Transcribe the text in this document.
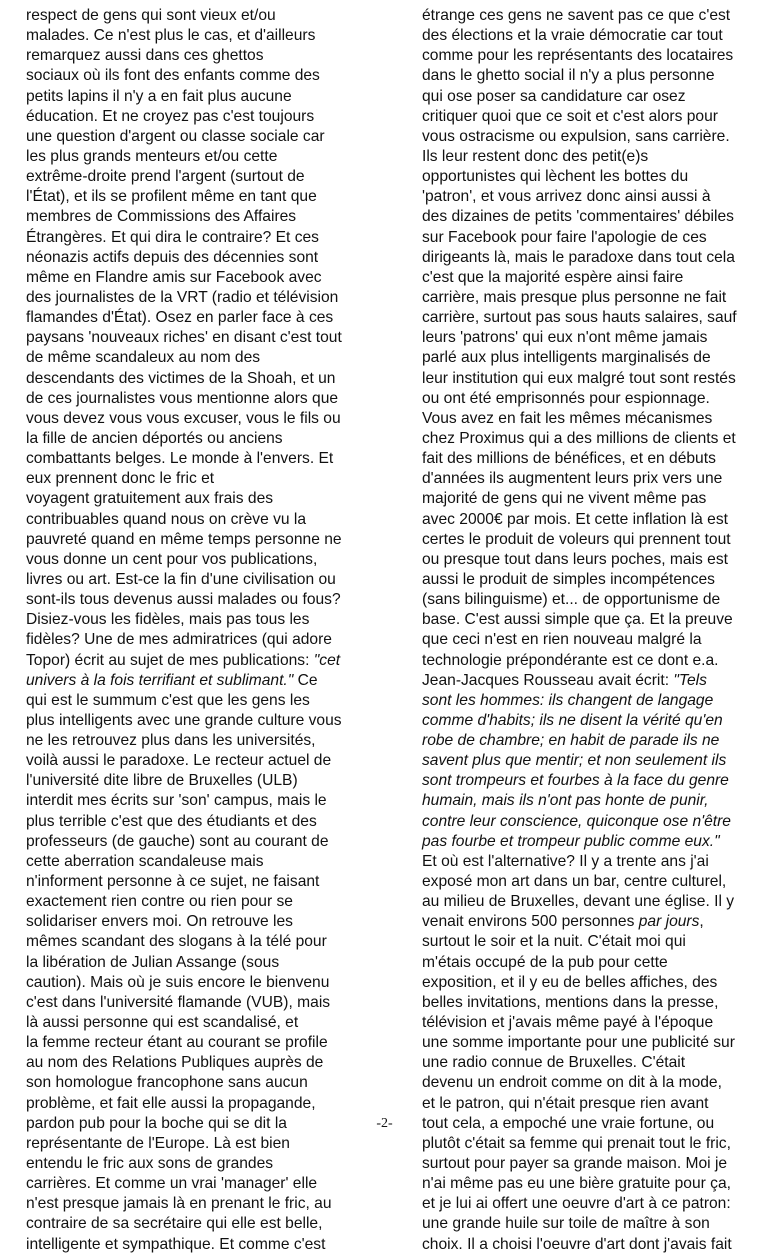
respect de gens qui sont vieux et/ou
malades. Ce n'est plus le cas, et d'ailleurs
remarquez aussi dans ces ghettos
sociaux où ils font des enfants comme des
petits lapins il n'y a en fait plus aucune
éducation. Et ne croyez pas c'est toujours
une question d'argent ou classe sociale car
les plus grands menteurs et/ou cette
extrême-droite prend l'argent (surtout de
l'État), et ils se profilent même en tant que
membres de Commissions des Affaires
Étrangères. Et qui dira le contraire? Et ces
néonazis actifs depuis des décennies sont
même en Flandre amis sur Facebook avec
des journalistes de la VRT (radio et télévision
flamandes d'État). Osez en parler face à ces
paysans 'nouveaux riches' en disant c'est tout
de même scandaleux au nom des
descendants des victimes de la Shoah, et un
de ces journalistes vous mentionne alors que
vous devez vous vous excuser, vous le fils ou
la fille de ancien déportés ou anciens
combattants belges. Le monde à l'envers. Et
eux prennent donc le fric et
voyagent gratuitement aux frais des
contribuables quand nous on crève vu la
pauvreté quand en même temps personne ne
vous donne un cent pour vos publications,
livres ou art. Est-ce la fin d'une civilisation ou
sont-ils tous devenus aussi malades ou fous?
Disiez-vous les fidèles, mais pas tous les
fidèles? Une de mes admiratrices (qui adore
Topor) écrit au sujet de mes publications: "cet
univers à la fois terrifiant et sublimant." Ce
qui est le summum c'est que les gens les
plus intelligents avec une grande culture vous
ne les retrouvez plus dans les universités,
voilà aussi le paradoxe. Le recteur actuel de
l'université dite libre de Bruxelles (ULB)
interdit mes écrits sur 'son' campus, mais le
plus terrible c'est que des étudiants et des
professeurs (de gauche) sont au courant de
cette aberration scandaleuse mais
n'informent personne à ce sujet, ne faisant
exactement rien contre ou rien pour se
solidariser envers moi. On retrouve les
mêmes scandant des slogans à la télé pour
la libération de Julian Assange (sous
caution). Mais où je suis encore le bienvenu
c'est dans l'université flamande (VUB), mais
là aussi personne qui est scandalisé, et
la femme recteur étant au courant se profile
au nom des Relations Publiques auprès de
son homologue francophone sans aucun
problème, et fait elle aussi la propagande,
pardon pub pour la boche qui se dit la
représentante de l'Europe. Là est bien
entendu le fric aux sons de grandes
carrières. Et comme un vrai 'manager' elle
n'est presque jamais là en prenant le fric, au
contraire de sa secrétaire qui elle est belle,
intelligente et sympathique. Et comme c'est
étrange ces gens ne savent pas ce que c'est
des élections et la vraie démocratie car tout
comme pour les représentants des locataires
dans le ghetto social il n'y a plus personne
qui ose poser sa candidature car osez
critiquer quoi que ce soit et c'est alors pour
vous ostracisme ou expulsion, sans carrière.
Ils leur restent donc des petit(e)s
opportunistes qui lèchent les bottes du
'patron', et vous arrivez donc ainsi aussi à
des dizaines de petits 'commentaires' débiles
sur Facebook pour faire l'apologie de ces
dirigeants là, mais le paradoxe dans tout cela
c'est que la majorité espère ainsi faire
carrière, mais presque plus personne ne fait
carrière, surtout pas sous hauts salaires, sauf
leurs 'patrons' qui eux n'ont même jamais
parlé aux plus intelligents marginalisés de
leur institution qui eux malgré tout sont restés
ou ont été emprisonnés pour espionnage.
Vous avez en fait les mêmes mécanismes
chez Proximus qui a des millions de clients et
fait des millions de bénéfices, et en débuts
d'années ils augmentent leurs prix vers une
majorité de gens qui ne vivent même pas
avec 2000€ par mois. Et cette inflation là est
certes le produit de voleurs qui prennent tout
ou presque tout dans leurs poches, mais est
aussi le produit de simples incompétences
(sans bilinguisme) et... de opportunisme de
base. C'est aussi simple que ça. Et la preuve
que ceci n'est en rien nouveau malgré la
technologie prépondérante est ce dont e.a.
Jean-Jacques Rousseau avait écrit: "Tels
sont les hommes: ils changent de langage
comme d'habits; ils ne disent la vérité qu'en
robe de chambre; en habit de parade ils ne
savent plus que mentir; et non seulement ils
sont trompeurs et fourbes à la face du genre
humain, mais ils n'ont pas honte de punir,
contre leur conscience, quiconque ose n'être
pas fourbe et trompeur public comme eux."
Et où est l'alternative? Il y a trente ans j'ai
exposé mon art dans un bar, centre culturel,
au milieu de Bruxelles, devant une église. Il y
venait environs 500 personnes par jours,
surtout le soir et la nuit. C'était moi qui
m'étais occupé de la pub pour cette
exposition, et il y eu de belles affiches, des
belles invitations, mentions dans la presse,
télévision et j'avais même payé à l'époque
une somme importante pour une publicité sur
une radio connue de Bruxelles. C'était
devenu un endroit comme on dit à la mode,
et le patron, qui n'était presque rien avant
tout cela, a empoché une vraie fortune, ou
plutôt c'était sa femme qui prenait tout le fric,
surtout pour payer sa grande maison. Moi je
n'ai même pas eu une bière gratuite pour ça,
et je lui ai offert une oeuvre d'art à ce patron:
une grande huile sur toile de maître à son
choix. Il a choisi l'oeuvre d'art dont j'avais fait
-2-
